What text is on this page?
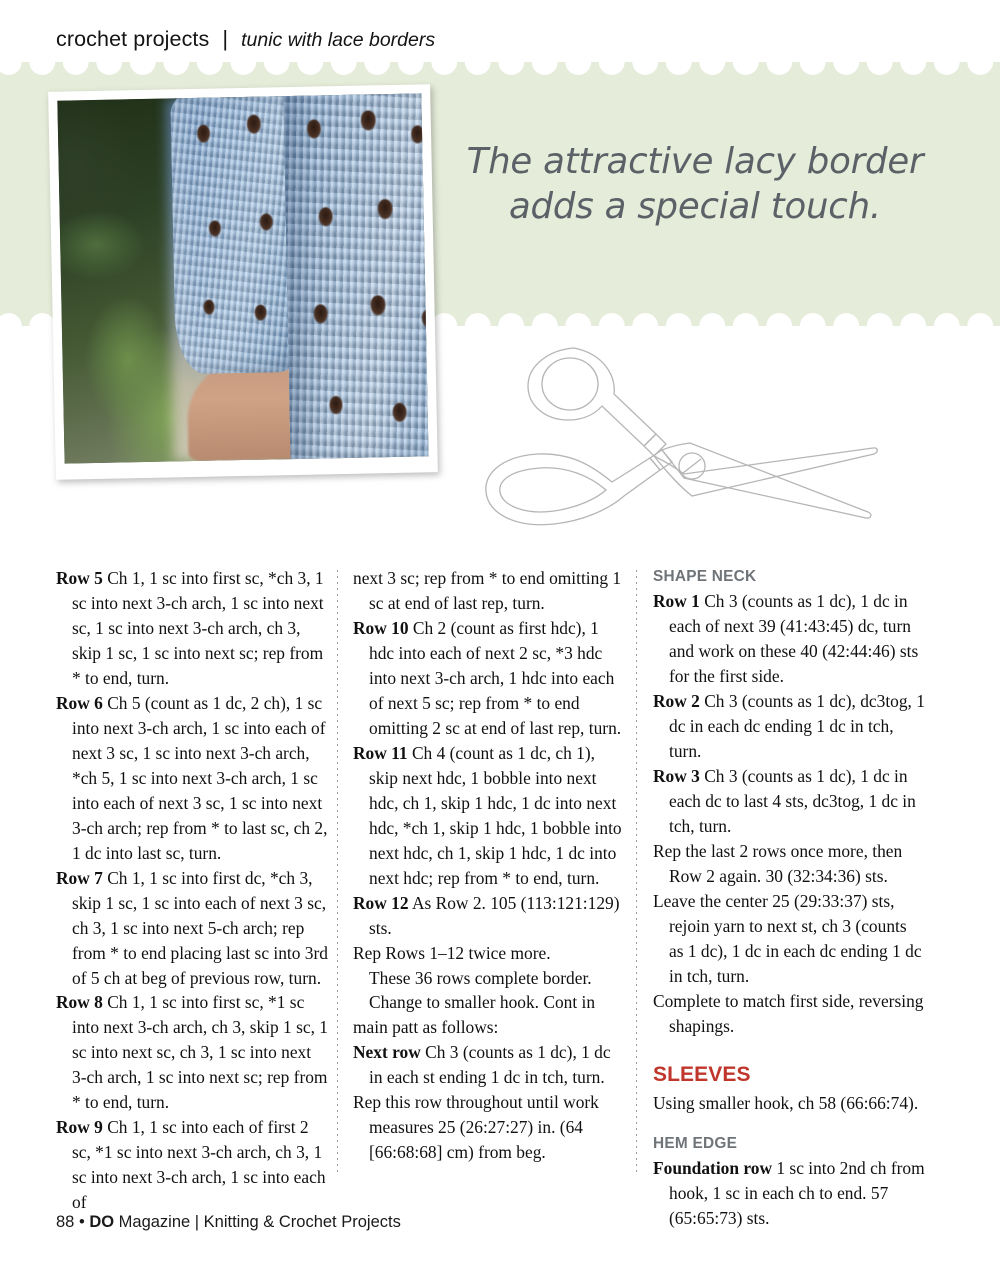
crochet projects | tunic with lace borders
The attractive lacy border adds a special touch.

Row 5 Ch 1, 1 sc into first sc, *ch 3, 1 sc into next 3-ch arch, 1 sc into next sc, 1 sc into next 3-ch arch, ch 3, skip 1 sc, 1 sc into next sc; rep from * to end, turn.

Row 6 Ch 5 (count as 1 dc, 2 ch), 1 sc into next 3-ch arch, 1 sc into each of next 3 sc, 1 sc into next 3-ch arch, *ch 5, 1 sc into next 3-ch arch, 1 sc into each of next 3 sc, 1 sc into next 3-ch arch; rep from * to last sc, ch 2, 1 dc into last sc, turn.

Row 7 Ch 1, 1 sc into first dc, *ch 3, skip 1 sc, 1 sc into each of next 3 sc, ch 3, 1 sc into next 5-ch arch; rep from * to end placing last sc into 3rd of 5 ch at beg of previous row, turn.

Row 8 Ch 1, 1 sc into first sc, *1 sc into next 3-ch arch, ch 3, skip 1 sc, 1 sc into next sc, ch 3, 1 sc into next 3-ch arch, 1 sc into next sc; rep from * to end, turn.

Row 9 Ch 1, 1 sc into each of first 2 sc, *1 sc into next 3-ch arch, ch 3, 1 sc into next 3-ch arch, 1 sc into each of

next 3 sc; rep from * to end omitting 1 sc at end of last rep, turn.

Row 10 Ch 2 (count as first hdc), 1 hdc into each of next 2 sc, *3 hdc into next 3-ch arch, 1 hdc into each of next 5 sc; rep from * to end omitting 2 sc at end of last rep, turn.

Row 11 Ch 4 (count as 1 dc, ch 1), skip next hdc, 1 bobble into next hdc, ch 1, skip 1 hdc, 1 dc into next hdc, *ch 1, skip 1 hdc, 1 bobble into next hdc, ch 1, skip 1 hdc, 1 dc into next hdc; rep from * to end, turn.

Row 12 As Row 2. 105 (113:121:129) sts.

Rep Rows 1–12 twice more.

These 36 rows complete border.

Change to smaller hook. Cont in

main patt as follows:

Next row Ch 3 (counts as 1 dc), 1 dc in each st ending 1 dc in tch, turn.

Rep this row throughout until work measures 25 (26:27:27) in. (64 [66:68:68] cm) from beg.

SHAPE NECK

Row 1 Ch 3 (counts as 1 dc), 1 dc in each of next 39 (41:43:45) dc, turn and work on these 40 (42:44:46) sts for the first side.

Row 2 Ch 3 (counts as 1 dc), dc3tog, 1 dc in each dc ending 1 dc in tch, turn.

Row 3 Ch 3 (counts as 1 dc), 1 dc in each dc to last 4 sts, dc3tog, 1 dc in tch, turn.

Rep the last 2 rows once more, then Row 2 again. 30 (32:34:36) sts.

Leave the center 25 (29:33:37) sts, rejoin yarn to next st, ch 3 (counts as 1 dc), 1 dc in each dc ending 1 dc in tch, turn.

Complete to match first side, reversing shapings.

SLEEVES

Using smaller hook, ch 58 (66:66:74).

HEM EDGE

Foundation row 1 sc into 2nd ch from hook, 1 sc in each ch to end. 57 (65:65:73) sts.

88 • DO Magazine | Knitting & Crochet Projects
